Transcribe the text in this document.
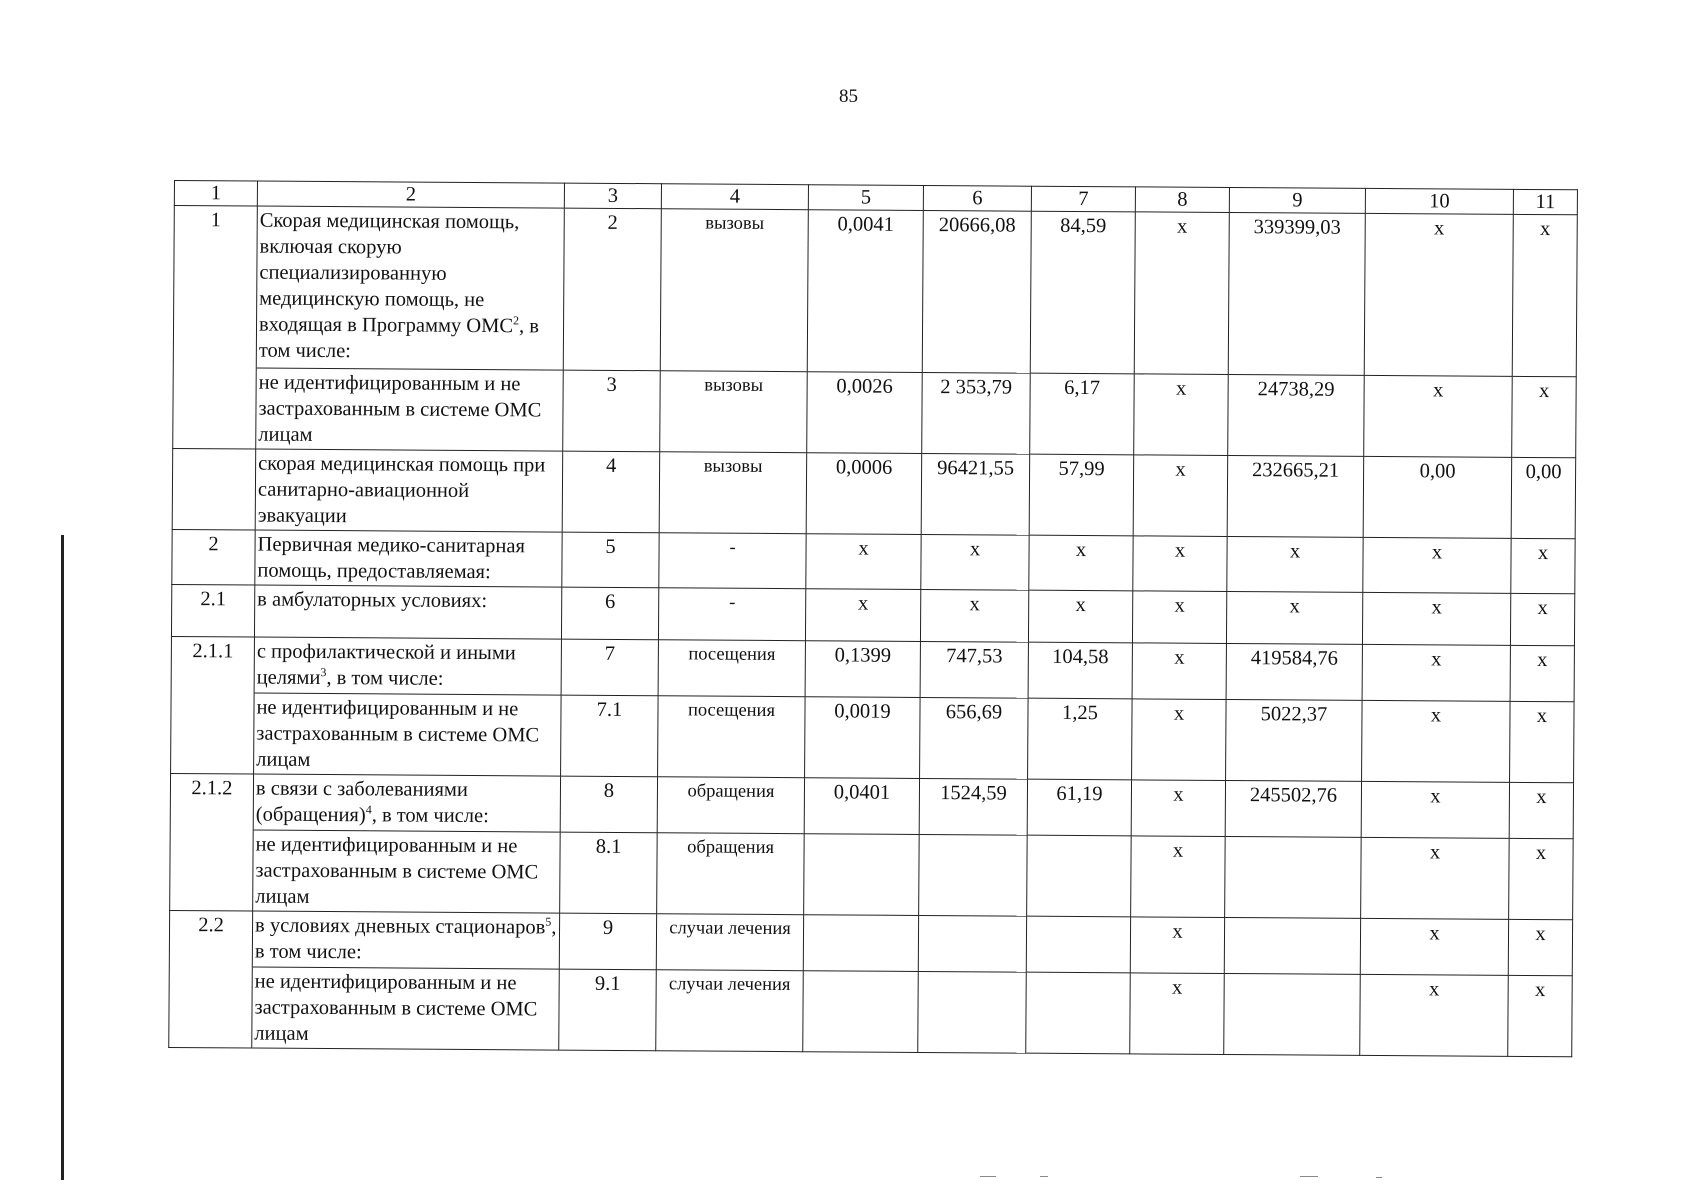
85
1	2	3	4	5	6	7	8	9	10	11
1	Скорая медицинская помощь, включая скорую специализированную медицинскую помощь, не входящая в Программу ОМС$^2$, в том числе:	2	вызовы	0,0041	20666,08	84,59	х	339399,03	х	х
	не идентифицированным и не застрахованным в системе ОМС лицам	3	вызовы	0,0026	2 353,79	6,17	х	24738,29	х	х
	скорая медицинская помощь при санитарно-авиационной эвакуации	4	вызовы	0,0006	96421,55	57,99	х	232665,21	0,00	0,00
2	Первичная медико-санитарная помощь, предоставляемая:	5	-	х	х	х	х	х	х	х
2.1	в амбулаторных условиях:	6	-	х	х	х	х	х	х	х
2.1.1	с профилактической и иными целями$^3$, в том числе:	7	посещения	0,1399	747,53	104,58	х	419584,76	х	х
	не идентифицированным и не застрахованным в системе ОМС лицам	7.1	посещения	0,0019	656,69	1,25	х	5022,37	х	х
2.1.2	в связи с заболеваниями (обращения)$^4$, в том числе:	8	обращения	0,0401	1524,59	61,19	х	245502,76	х	х
	не идентифицированным и не застрахованным в системе ОМС лицам	8.1	обращения				х		х	х
2.2	в условиях дневных стационаров$^5$, в том числе:	9	случаи лечения				х		х	х
	не идентифицированным и не застрахованным в системе ОМС лицам	9.1	случаи лечения				х		х	х
